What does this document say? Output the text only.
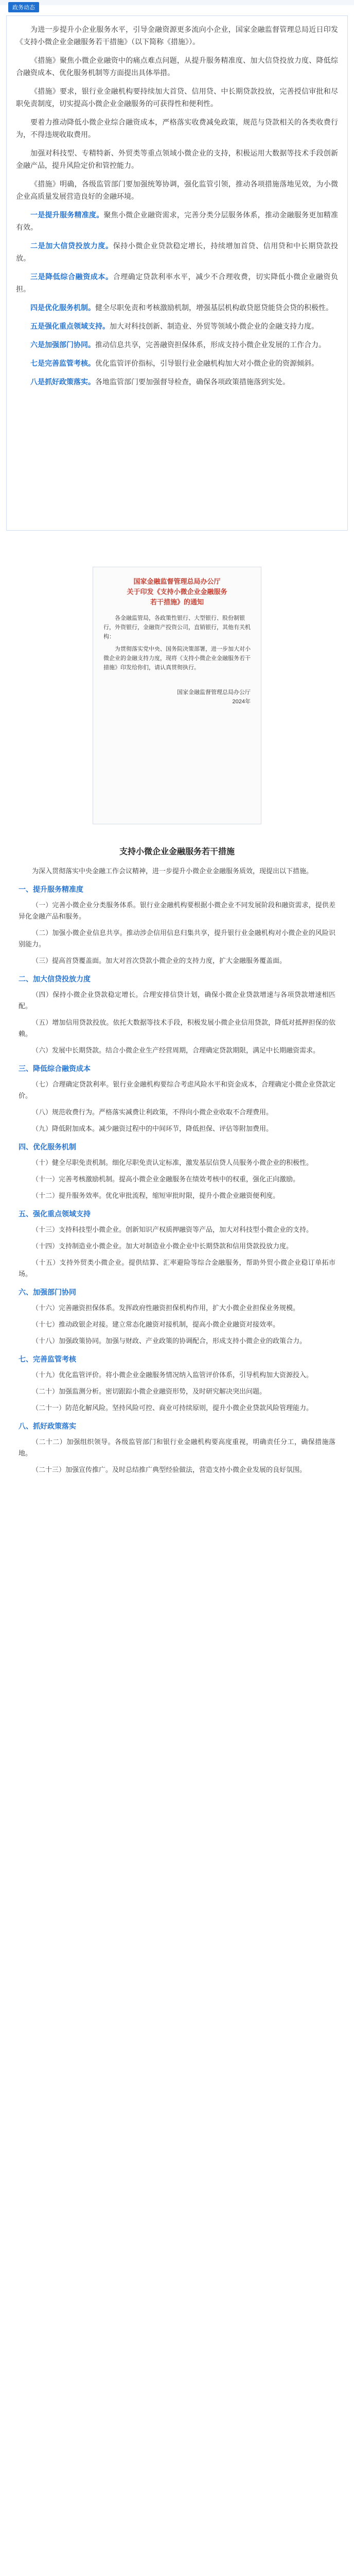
政务动态

为进一步提升小企业服务水平，引导金融资源更多流向小企业，国家金融监督管理总局近日印发《支持小微企业金融服务若干措施》（以下简称《措施》）。

《措施》聚焦小微企业融资中的痛点难点问题，从提升服务精准度、加大信贷投放力度、降低综合融资成本、优化服务机制等方面提出具体举措。

《措施》要求，银行业金融机构要持续加大首贷、信用贷、中长期贷款投放，完善授信审批和尽职免责制度，切实提高小微企业金融服务的可获得性和便利性。

要着力推动降低小微企业综合融资成本，严格落实收费减免政策，规范与贷款相关的各类收费行为，不得违规收取费用。

加强对科技型、专精特新、外贸类等重点领域小微企业的支持，积极运用大数据等技术手段创新金融产品，提升风险定价和管控能力。

《措施》明确，各级监管部门要加强统筹协调，强化监管引领，推动各项措施落地见效，为小微企业高质量发展营造良好的金融环境。

一是提升服务精准度。聚焦小微企业融资需求，完善分类分层服务体系，推动金融服务更加精准有效。

二是加大信贷投放力度。保持小微企业贷款稳定增长，持续增加首贷、信用贷和中长期贷款投放。

三是降低综合融资成本。合理确定贷款利率水平，减少不合理收费，切实降低小微企业融资负担。

四是优化服务机制。健全尽职免责和考核激励机制，增强基层机构敢贷愿贷能贷会贷的积极性。

五是强化重点领域支持。加大对科技创新、制造业、外贸等领域小微企业的金融支持力度。

六是加强部门协同。推动信息共享，完善融资担保体系，形成支持小微企业发展的工作合力。

七是完善监管考核。优化监管评价指标，引导银行业金融机构加大对小微企业的资源倾斜。

八是抓好政策落实。各地监管部门要加强督导检查，确保各项政策措施落到实处。

国家金融监督管理总局办公厅
关于印发《支持小微企业金融服务
若干措施》的通知

各金融监管局，各政策性银行、大型银行、股份制银行，外资银行，金融资产投资公司，直销银行，其他有关机构：

为贯彻落实党中央、国务院决策部署，进一步加大对小微企业的金融支持力度，现将《支持小微企业金融服务若干措施》印发给你们，请认真贯彻执行。

国家金融监督管理总局办公厅
2024年
支持小微企业金融服务若干措施

为深入贯彻落实中央金融工作会议精神，进一步提升小微企业金融服务质效，现提出以下措施。

一、提升服务精准度

（一）完善小微企业分类服务体系。银行业金融机构要根据小微企业不同发展阶段和融资需求，提供差异化金融产品和服务。

（二）加强小微企业信息共享。推动涉企信用信息归集共享，提升银行业金融机构对小微企业的风险识别能力。

（三）提高首贷覆盖面。加大对首次贷款小微企业的支持力度，扩大金融服务覆盖面。

二、加大信贷投放力度

（四）保持小微企业贷款稳定增长。合理安排信贷计划，确保小微企业贷款增速与各项贷款增速相匹配。

（五）增加信用贷款投放。依托大数据等技术手段，积极发展小微企业信用贷款，降低对抵押担保的依赖。

（六）发展中长期贷款。结合小微企业生产经营周期，合理确定贷款期限，满足中长期融资需求。

三、降低综合融资成本

（七）合理确定贷款利率。银行业金融机构要综合考虑风险水平和资金成本，合理确定小微企业贷款定价。

（八）规范收费行为。严格落实减费让利政策，不得向小微企业收取不合理费用。

（九）降低附加成本。减少融资过程中的中间环节，降低担保、评估等附加费用。

四、优化服务机制

（十）健全尽职免责机制。细化尽职免责认定标准，激发基层信贷人员服务小微企业的积极性。

（十一）完善考核激励机制。提高小微企业金融服务在绩效考核中的权重，强化正向激励。

（十二）提升服务效率。优化审批流程，缩短审批时限，提升小微企业融资便利度。

五、强化重点领域支持

（十三）支持科技型小微企业。创新知识产权质押融资等产品，加大对科技型小微企业的支持。

（十四）支持制造业小微企业。加大对制造业小微企业中长期贷款和信用贷款投放力度。

（十五）支持外贸类小微企业。提供结算、汇率避险等综合金融服务，帮助外贸小微企业稳订单拓市场。

六、加强部门协同

（十六）完善融资担保体系。发挥政府性融资担保机构作用，扩大小微企业担保业务规模。

（十七）推动政银企对接。建立常态化融资对接机制，提高小微企业融资对接效率。

（十八）加强政策协同。加强与财政、产业政策的协调配合，形成支持小微企业的政策合力。

七、完善监管考核

（十九）优化监管评价。将小微企业金融服务情况纳入监管评价体系，引导机构加大资源投入。

（二十）加强监测分析。密切跟踪小微企业融资形势，及时研究解决突出问题。

（二十一）防范化解风险。坚持风险可控、商业可持续原则，提升小微企业贷款风险管理能力。

八、抓好政策落实

（二十二）加强组织领导。各级监管部门和银行业金融机构要高度重视，明确责任分工，确保措施落地。

（二十三）加强宣传推广。及时总结推广典型经验做法，营造支持小微企业发展的良好氛围。
